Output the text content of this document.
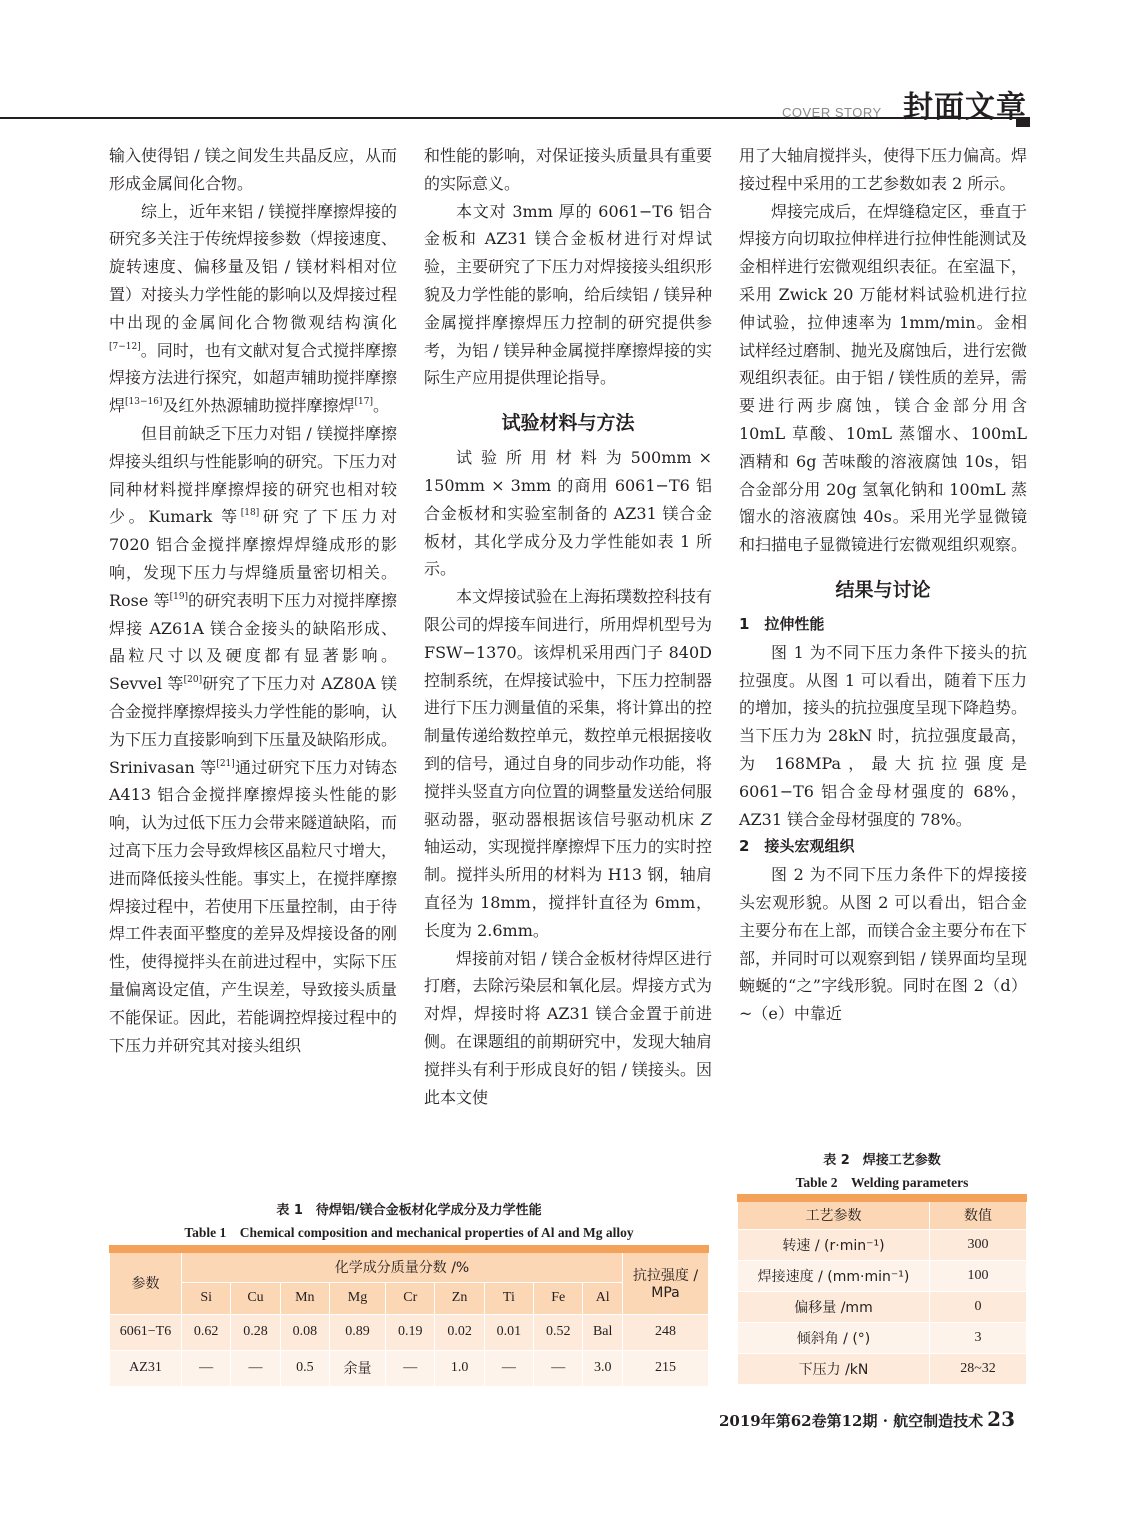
COVER STORY 封面文章

输入使得铝 / 镁之间发生共晶反应，从而形成金属间化合物。

综上，近年来铝 / 镁搅拌摩擦焊接的研究多关注于传统焊接参数（焊接速度、旋转速度、偏移量及铝 / 镁材料相对位置）对接头力学性能的影响以及焊接过程中出现的金属间化合物微观结构演化[7−12]。同时，也有文献对复合式搅拌摩擦焊接方法进行探究，如超声辅助搅拌摩擦焊[13−16]及红外热源辅助搅拌摩擦焊[17]。

但目前缺乏下压力对铝 / 镁搅拌摩擦焊接头组织与性能影响的研究。下压力对同种材料搅拌摩擦焊接的研究也相对较少。Kumark 等[18]研究了下压力对 7020 铝合金搅拌摩擦焊焊缝成形的影响，发现下压力与焊缝质量密切相关。Rose 等[19]的研究表明下压力对搅拌摩擦焊接 AZ61A 镁合金接头的缺陷形成、晶粒尺寸以及硬度都有显著影响。Sevvel 等[20]研究了下压力对 AZ80A 镁合金搅拌摩擦焊接头力学性能的影响，认为下压力直接影响到下压量及缺陷形成。Srinivasan 等[21]通过研究下压力对铸态 A413 铝合金搅拌摩擦焊接头性能的影响，认为过低下压力会带来隧道缺陷，而过高下压力会导致焊核区晶粒尺寸增大，进而降低接头性能。事实上，在搅拌摩擦焊接过程中，若使用下压量控制，由于待焊工件表面平整度的差异及焊接设备的刚性，使得搅拌头在前进过程中，实际下压量偏离设定值，产生误差，导致接头质量不能保证。因此，若能调控焊接过程中的下压力并研究其对接头组织

和性能的影响，对保证接头质量具有重要的实际意义。

本文对 3mm 厚的 6061−T6 铝合金板和 AZ31 镁合金板材进行对焊试验，主要研究了下压力对焊接接头组织形貌及力学性能的影响，给后续铝 / 镁异种金属搅拌摩擦焊压力控制的研究提供参考，为铝 / 镁异种金属搅拌摩擦焊接的实际生产应用提供理论指导。

试验材料与方法

试 验 所 用 材 料 为 500mm × 150mm × 3mm 的商用 6061−T6 铝合金板材和实验室制备的 AZ31 镁合金板材，其化学成分及力学性能如表 1 所示。

本文焊接试验在上海拓璞数控科技有限公司的焊接车间进行，所用焊机型号为 FSW−1370。该焊机采用西门子 840D 控制系统，在焊接试验中，下压力控制器进行下压力测量值的采集，将计算出的控制量传递给数控单元，数控单元根据接收到的信号，通过自身的同步动作功能，将搅拌头竖直方向位置的调整量发送给伺服驱动器，驱动器根据该信号驱动机床 Z 轴运动，实现搅拌摩擦焊下压力的实时控制。搅拌头所用的材料为 H13 钢，轴肩直径为 18mm，搅拌针直径为 6mm，长度为 2.6mm。

焊接前对铝 / 镁合金板材待焊区进行打磨，去除污染层和氧化层。焊接方式为对焊，焊接时将 AZ31 镁合金置于前进侧。在课题组的前期研究中，发现大轴肩搅拌头有利于形成良好的铝 / 镁接头。因此本文使

用了大轴肩搅拌头，使得下压力偏高。焊接过程中采用的工艺参数如表 2 所示。

焊接完成后，在焊缝稳定区，垂直于焊接方向切取拉伸样进行拉伸性能测试及金相样进行宏微观组织表征。在室温下，采用 Zwick 20 万能材料试验机进行拉伸试验，拉伸速率为 1mm/min。金相试样经过磨制、抛光及腐蚀后，进行宏微观组织表征。由于铝 / 镁性质的差异，需要进行两步腐蚀，镁合金部分用含 10mL 草酸、10mL 蒸馏水、100mL 酒精和 6g 苦味酸的溶液腐蚀 10s，铝合金部分用 20g 氢氧化钠和 100mL 蒸馏水的溶液腐蚀 40s。采用光学显微镜和扫描电子显微镜进行宏微观组织观察。

结果与讨论
1　拉伸性能

图 1 为不同下压力条件下接头的抗拉强度。从图 1 可以看出，随着下压力的增加，接头的抗拉强度呈现下降趋势。当下压力为 28kN 时，抗拉强度最高，为 168MPa，最大抗拉强度是 6061−T6 铝合金母材强度的 68%，AZ31 镁合金母材强度的 78%。

2　接头宏观组织

图 2 为不同下压力条件下的焊接接头宏观形貌。从图 2 可以看出，铝合金主要分布在上部，而镁合金主要分布在下部，并同时可以观察到铝 / 镁界面均呈现蜿蜒的“之”字线形貌。同时在图 2（d）~（e）中靠近

表 1　待焊铝/镁合金板材化学成分及力学性能
Table 1　Chemical composition and mechanical properties of Al and Mg alloy
参数	化学成分质量分数 /%									抗拉强度 / MPa
	Si	Cu	Mn	Mg	Cr	Zn	Ti	Fe	Al	
6061−T6	0.62	0.28	0.08	0.89	0.19	0.02	0.01	0.52	Bal	248
AZ31	—	—	0.5	余量	—	1.0	—	—	3.0	215
表 2　焊接工艺参数
Table 2　Welding parameters
工艺参数	数值
转速 / (r·min⁻¹)	300
焊接速度 / (mm·min⁻¹)	100
偏移量 /mm	0
倾斜角 / (°)	3
下压力 /kN	28~32
2019年第62卷第12期 · 航空制造技术 23
